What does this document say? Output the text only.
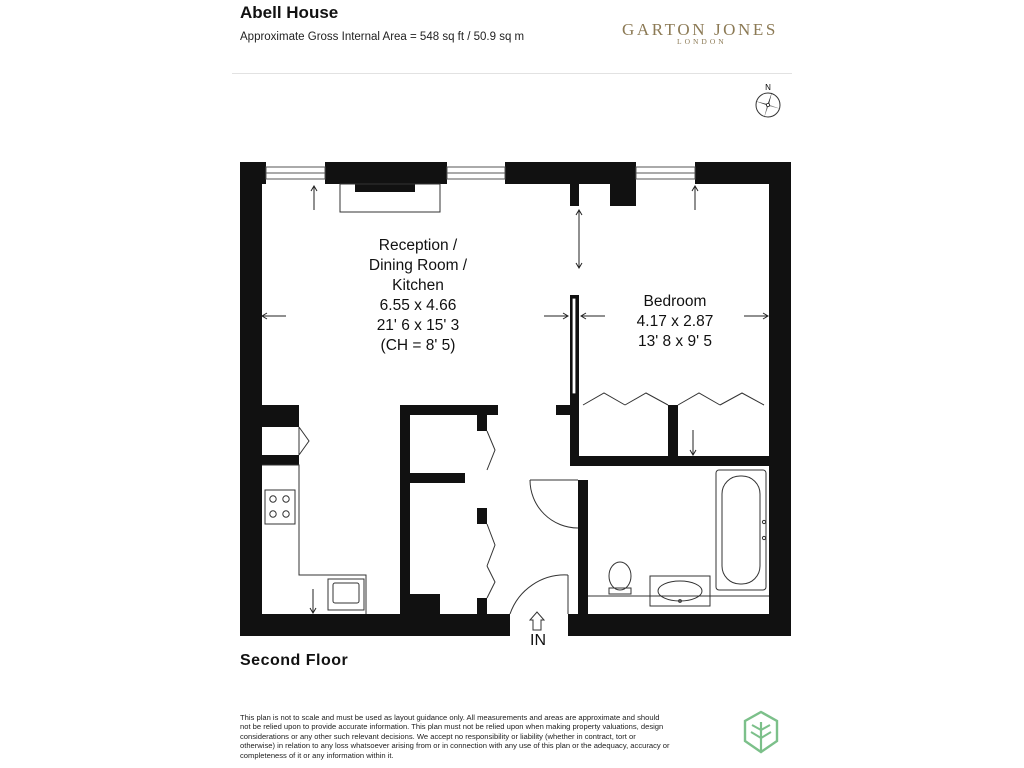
Abell House
Approximate Gross Internal Area = 548 sq ft / 50.9 sq m	GARTON JONES
LONDON
N
Reception /
Dining Room /
Kitchen
6.55 x 4.66
21' 6 x 15' 3
(CH = 8' 5)
Bedroom
4.17 x 2.87
13' 8 x 9' 5
IN
Second Floor
This plan is not to scale and must be used as layout guidance only. All measurements and areas are approximate and should not be relied upon to provide accurate information. This plan must not be relied upon when making property valuations, design considerations or any other such relevant decisions. We accept no responsibility or liability (whether in contract, tort or otherwise) in relation to any loss whatsoever arising from or in connection with any use of this plan or the adequacy, accuracy or completeness of it or any information within it.
